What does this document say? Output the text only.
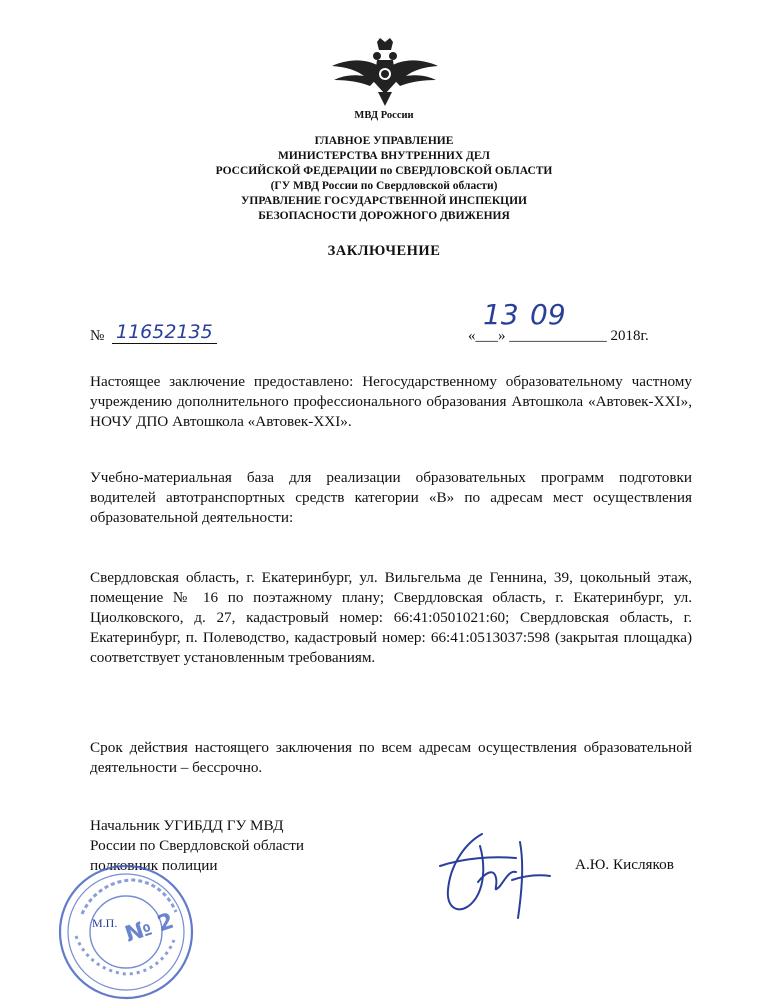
МВД России
ГЛАВНОЕ УПРАВЛЕНИЕ
МИНИСТЕРСТВА ВНУТРЕННИХ ДЕЛ
РОССИЙСКОЙ ФЕДЕРАЦИИ по СВЕРДЛОВСКОЙ ОБЛАСТИ
(ГУ МВД России по Свердловской области)
УПРАВЛЕНИЕ ГОСУДАРСТВЕННОЙ ИНСПЕКЦИИ
БЕЗОПАСНОСТИ ДОРОЖНОГО ДВИЖЕНИЯ
ЗАКЛЮЧЕНИЕ
№ 11652135
13 09
«___» _____________ 2018г.

Настоящее заключение предоставлено: Негосударственному образовательному частному учреждению дополнительного профессионального образования Автошкола «Автовек-XXI», НОЧУ ДПО Автошкола «Автовек-XXI».

Учебно-материальная база для реализации образовательных программ подготовки водителей автотранспортных средств категории «В» по адресам мест осуществления образовательной деятельности:

Свердловская область, г. Екатеринбург, ул. Вильгельма де Геннина, 39, цокольный этаж, помещение № 16 по поэтажному плану; Свердловская область, г. Екатеринбург, ул. Циолковского, д. 27, кадастровый номер: 66:41:0501021:60; Свердловская область, г. Екатеринбург, п. Полеводство, кадастровый номер: 66:41:0513037:598 (закрытая площадка) соответствует установленным требованиям.

Срок действия настоящего заключения по всем адресам осуществления образовательной деятельности – бессрочно.

Начальник УГИБДД ГУ МВД
России по Свердловской области
полковник полиции	А.Ю. Кисляков
№ 2
М.П.
